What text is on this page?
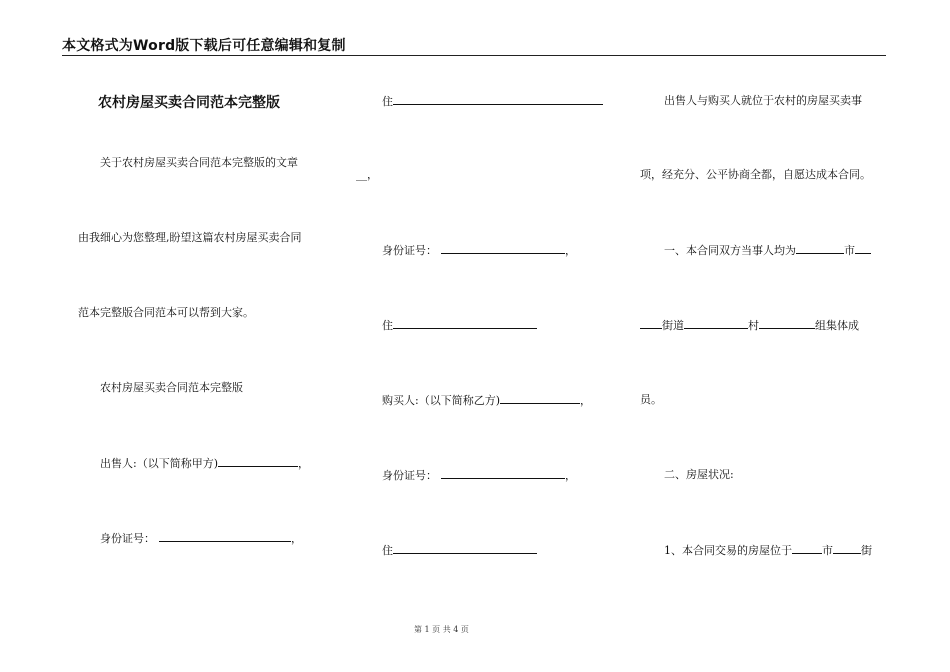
本文格式为Word版下载后可任意编辑和复制
农村房屋买卖合同范本完整版
关于农村房屋买卖合同范本完整版的文章
由我细心为您整理,盼望这篇农村房屋买卖合同
范本完整版合同范本可以帮到大家。
农村房屋买卖合同范本完整版
出售人:（以下简称甲方)	，
身份证号：	，
住
__，
身份证号：	，
住
购买人:（以下简称乙方)	，
身份证号：	，
住
出售人与购买人就位于农村的房屋买卖事
项，经充分、公平协商全都，自愿达成本合同。
一、本合同双方当事人均为	市
街道	村	组集体成
员。
二、房屋状况:
1、本合同交易的房屋位于	市	街
第 1 页 共 4 页
